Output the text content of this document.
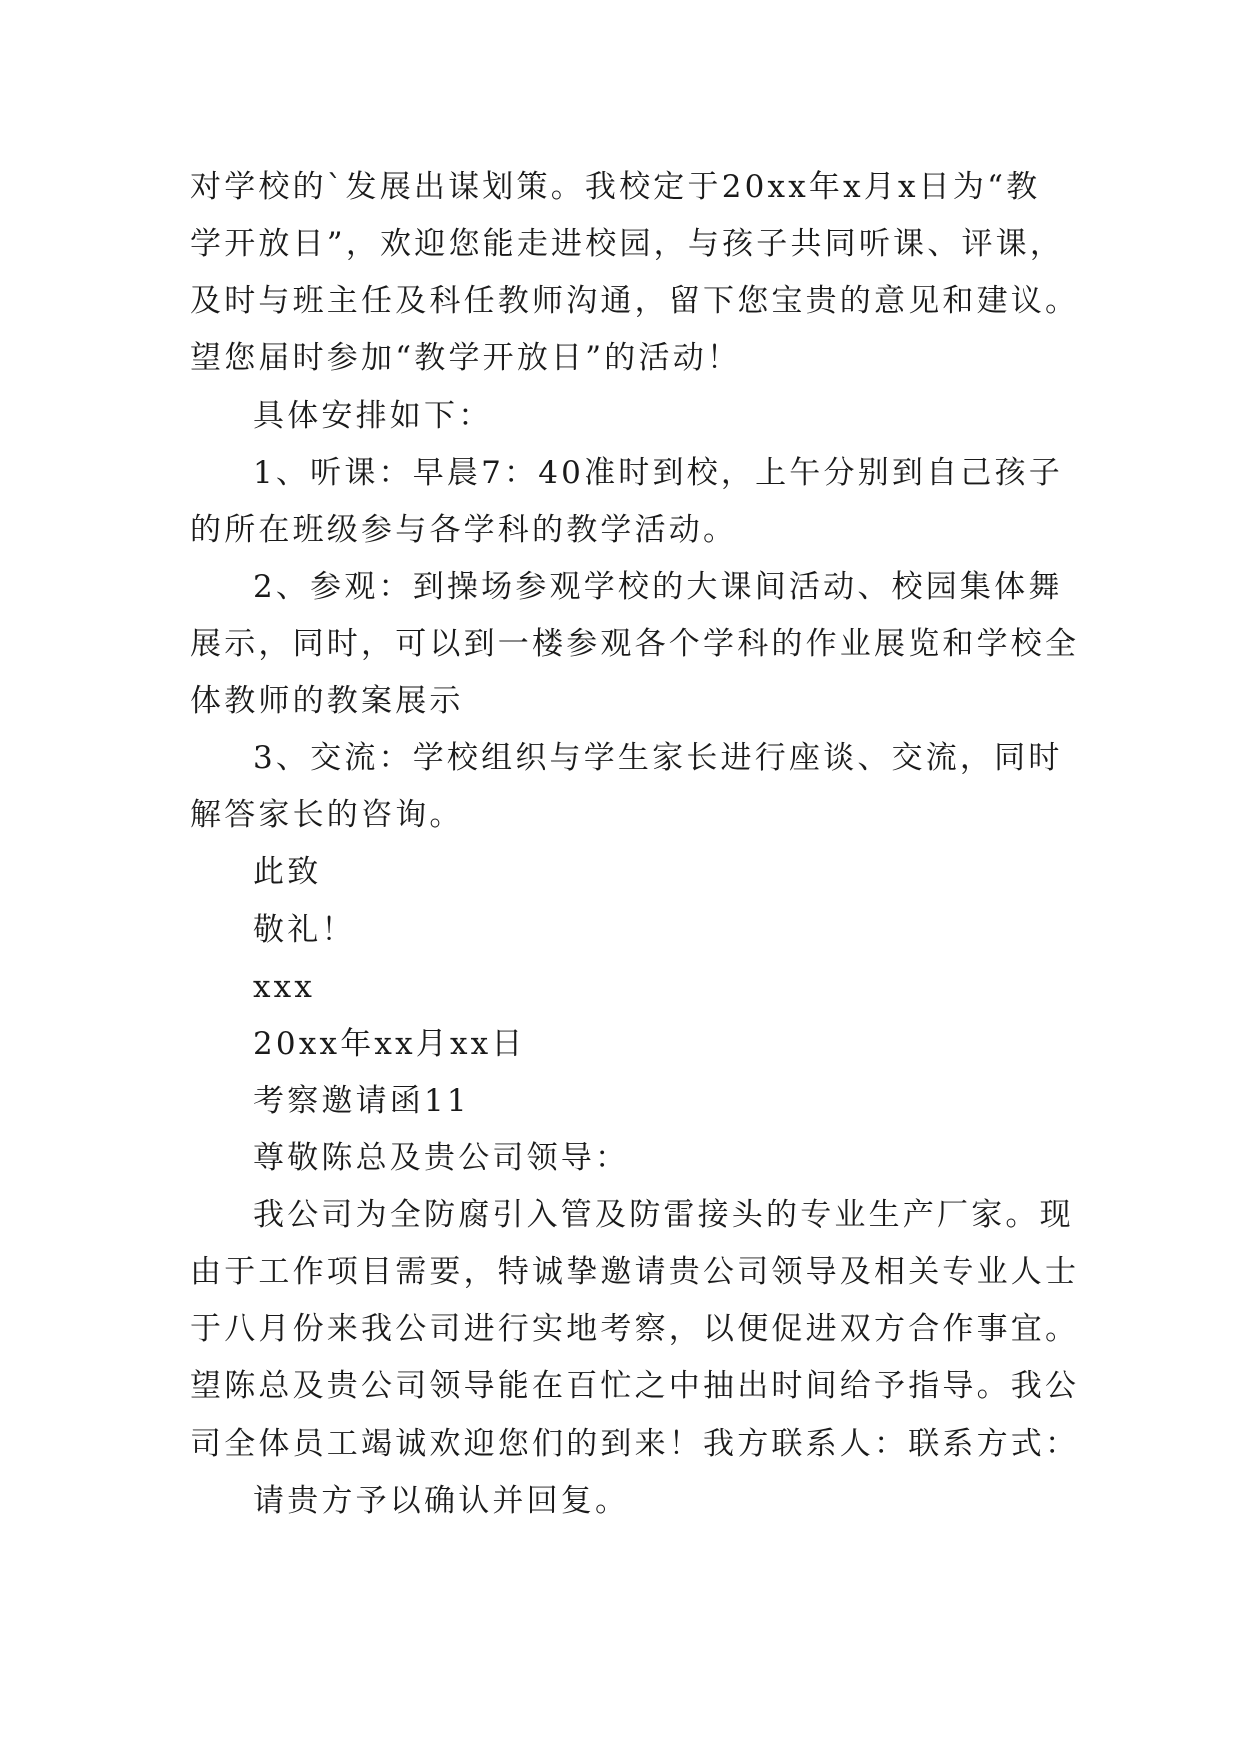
对学校的`发展出谋划策。我校定于20xx年x月x日为“教
学开放日”，欢迎您能走进校园，与孩子共同听课、评课，
及时与班主任及科任教师沟通，留下您宝贵的意见和建议。
望您届时参加“教学开放日”的活动！
具体安排如下：
1、听课：早晨7：40准时到校，上午分别到自己孩子
的所在班级参与各学科的教学活动。
2、参观：到操场参观学校的大课间活动、校园集体舞
展示，同时，可以到一楼参观各个学科的作业展览和学校全
体教师的教案展示
3、交流：学校组织与学生家长进行座谈、交流，同时
解答家长的咨询。
此致
敬礼！
xxx
20xx年xx月xx日
考察邀请函11
尊敬陈总及贵公司领导：
我公司为全防腐引入管及防雷接头的专业生产厂家。现
由于工作项目需要，特诚挚邀请贵公司领导及相关专业人士
于八月份来我公司进行实地考察，以便促进双方合作事宜。
望陈总及贵公司领导能在百忙之中抽出时间给予指导。我公
司全体员工竭诚欢迎您们的到来！我方联系人：联系方式：
请贵方予以确认并回复。
